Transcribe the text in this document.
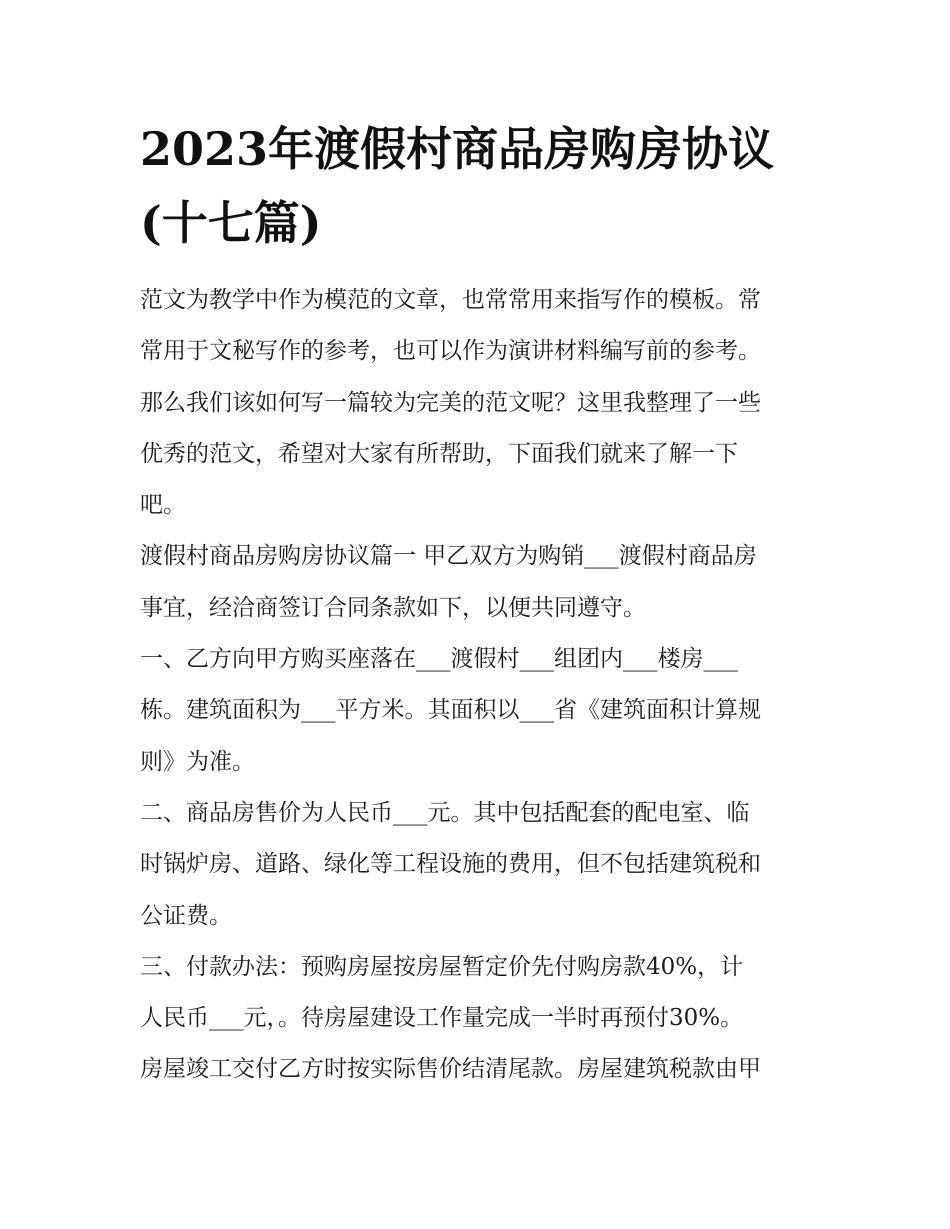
2023年渡假村商品房购房协议
(十七篇)
范文为教学中作为模范的文章，也常常用来指写作的模板。常
常用于文秘写作的参考，也可以作为演讲材料编写前的参考。
那么我们该如何写一篇较为完美的范文呢？这里我整理了一些
优秀的范文，希望对大家有所帮助，下面我们就来了解一下
吧。
渡假村商品房购房协议篇一 甲乙双方为购销___渡假村商品房
事宜，经洽商签订合同条款如下，以便共同遵守。
一、乙方向甲方购买座落在___渡假村___组团内___楼房___
栋。建筑面积为___平方米。其面积以___省《建筑面积计算规
则》为准。
二、商品房售价为人民币___元。其中包括配套的配电室、临
时锅炉房、道路、绿化等工程设施的费用，但不包括建筑税和
公证费。
三、付款办法：预购房屋按房屋暂定价先付购房款40%，计
人民币___元，。待房屋建设工作量完成一半时再预付30%。
房屋竣工交付乙方时按实际售价结清尾款。房屋建筑税款由甲
